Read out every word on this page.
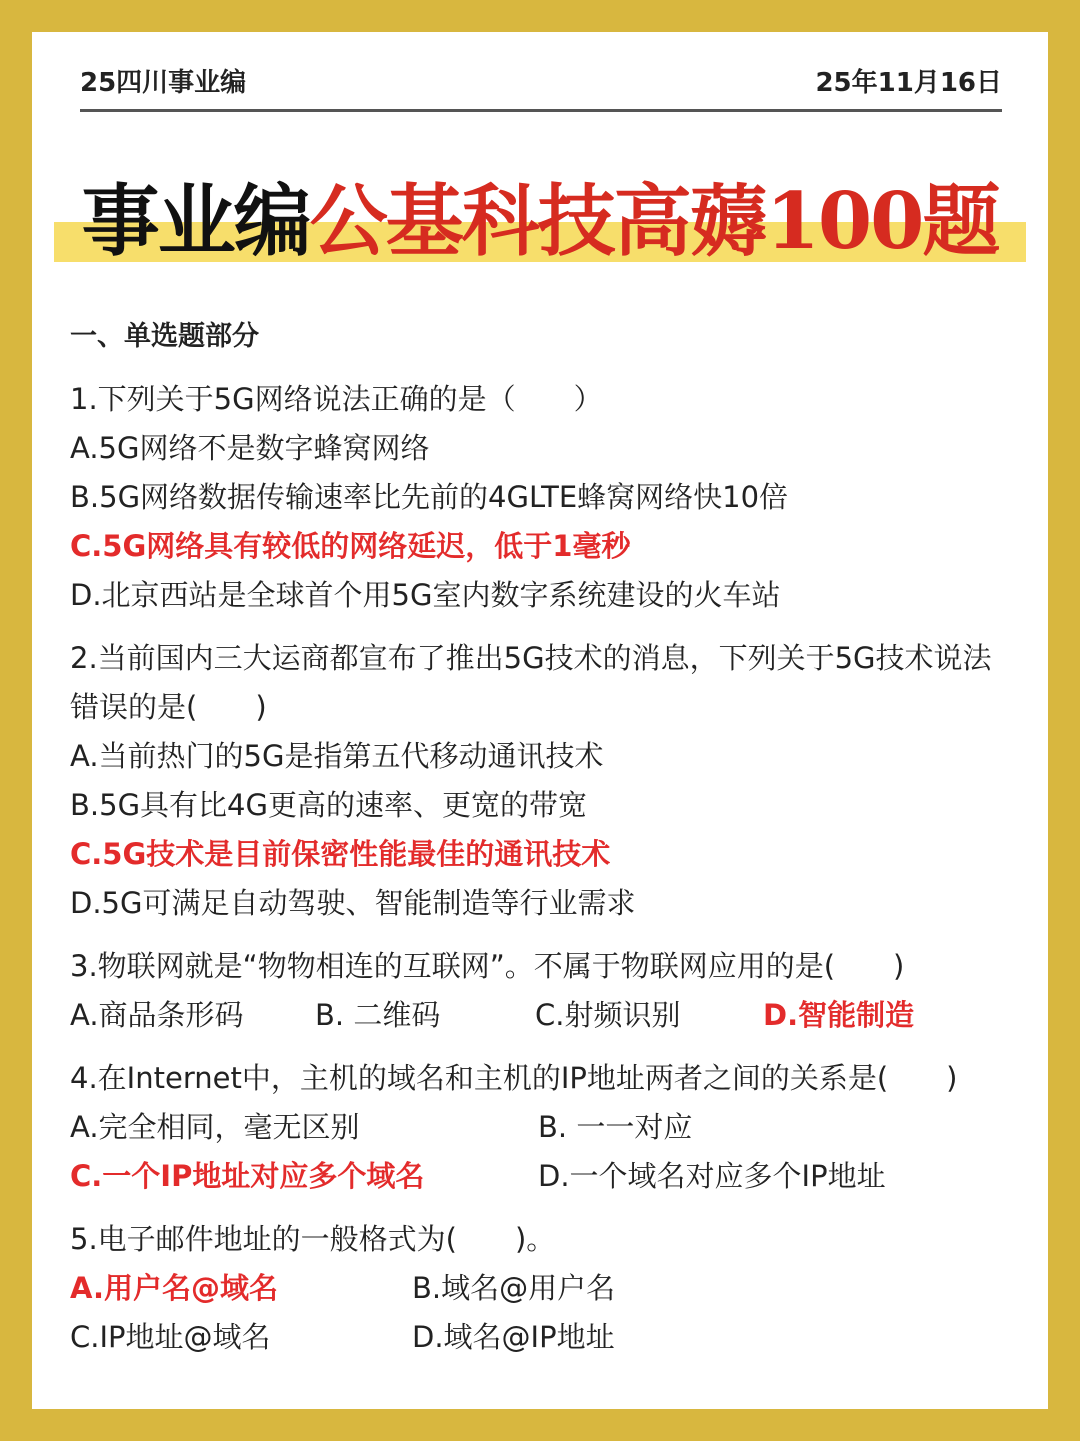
25四川事业编	25年11月16日
事业编公基科技高薅100题
一、单选题部分
1.下列关于5G网络说法正确的是（　　）
A.5G网络不是数字蜂窝网络
B.5G网络数据传输速率比先前的4GLTE蜂窝网络快10倍
C.5G网络具有较低的网络延迟，低于1毫秒
D.北京西站是全球首个用5G室内数字系统建设的火车站
2.当前国内三大运商都宣布了推出5G技术的消息，下列关于5G技术说法错误的是(　　)
A.当前热门的5G是指第五代移动通讯技术
B.5G具有比4G更高的速率、更宽的带宽
C.5G技术是目前保密性能最佳的通讯技术
D.5G可满足自动驾驶、智能制造等行业需求
3.物联网就是“物物相连的互联网”。不属于物联网应用的是(　　)
A.商品条形码	B. 二维码	C.射频识别	D.智能制造
4.在Internet中，主机的域名和主机的IP地址两者之间的关系是(　　)
A.完全相同，毫无区别	B. 一一对应
C.一个IP地址对应多个域名	D.一个域名对应多个IP地址
5.电子邮件地址的一般格式为(　　)。
A.用户名@域名	B.域名@用户名
C.IP地址@域名	D.域名@IP地址
